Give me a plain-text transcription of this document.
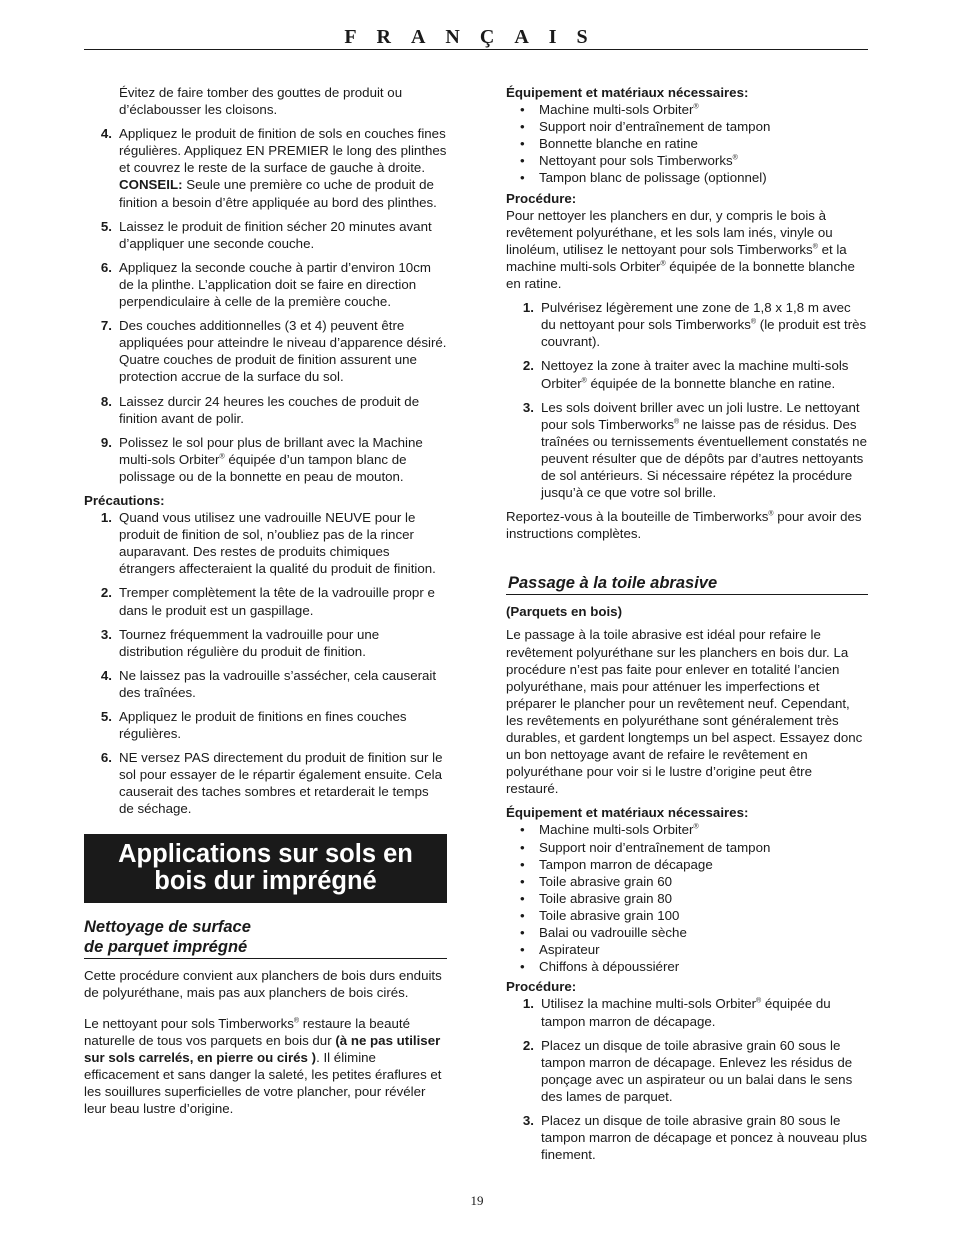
FRANÇAIS

Évitez de faire tomber des gouttes de produit ou d’éclabousser les cloisons.

4. Appliquez le produit de finition de sols en couches fines régulières. Appliquez EN PREMIER le long des plinthes et couvrez le reste de la surface de gauche à droite. CONSEIL: Seule une première co uche de produit de finition a besoin d’être appliquée au bord des plinthes.
5. Laissez le produit de finition sécher 20 minutes avant d’appliquer une seconde couche.
6. Appliquez la seconde couche à partir d’environ 10cm de la plinthe. L’application doit se faire en direction perpendiculaire à celle de la première couche.
7. Des couches additionnelles (3 et 4) peuvent être appliquées pour atteindre le niveau d’apparence désiré. Quatre couches de produit de finition assurent une protection accrue de la surface du sol.
8. Laissez durcir 24 heures les couches de produit de finition avant de polir.
9. Polissez le sol pour plus de brillant avec la Machine multi-sols Orbiter® équipée d’un tampon blanc de polissage ou de la bonnette en peau de mouton.

Précautions:

1. Quand vous utilisez une vadrouille NEUVE pour le produit de finition de sol, n’oubliez pas de la rincer auparavant. Des restes de produits chimiques étrangers affecteraient la qualité du produit de finition.
2. Tremper complètement la tête de la vadrouille propr e dans le produit est un gaspillage.
3. Tournez fréquemment la vadrouille pour une distribution régulière du produit de finition.
4. Ne laissez pas la vadrouille s’assécher, cela causerait des traînées.
5. Appliquez le produit de finitions en fines couches régulières.
6. NE versez PAS directement du produit de finition sur le sol pour essayer de le répartir également ensuite. Cela causerait des taches sombres et retarderait le temps de séchage.
Applications sur sols en
bois dur imprégné
Nettoyage de surface
de parquet imprégné

Cette procédure convient aux planchers de bois durs enduits de polyuréthane, mais pas aux planchers de bois cirés.

Le nettoyant pour sols Timberworks® restaure la beauté naturelle de tous vos parquets en bois dur (à ne pas utiliser sur sols carrelés, en pierre ou cirés ). Il élimine efficacement et sans danger la saleté, les petites éraflures et les souillures superficielles de votre plancher, pour révéler leur beau lustre d’origine.

Équipement et matériaux nécessaires:

• Machine multi-sols Orbiter®
• Support noir d’entraînement de tampon
• Bonnette blanche en ratine
• Nettoyant pour sols Timberworks®
• Tampon blanc de polissage (optionnel)

Procédure:

Pour nettoyer les planchers en dur, y compris le bois à revêtement polyuréthane, et les sols lam inés, vinyle ou linoléum, utilisez le nettoyant pour sols Timberworks® et la machine multi-sols Orbiter® équipée de la bonnette blanche en ratine.

1. Pulvérisez légèrement une zone de 1,8 x 1,8 m avec du nettoyant pour sols Timberworks® (le produit est très couvrant).
2. Nettoyez la zone à traiter avec la machine multi-sols Orbiter® équipée de la bonnette blanche en ratine.
3. Les sols doivent briller avec un joli lustre. Le nettoyant pour sols Timberworks® ne laisse pas de résidus. Des traînées ou ternissements éventuellement constatés ne peuvent résulter que de dépôts par d’autres nettoyants de sol antérieurs. Si nécessaire répétez la procédure jusqu’à ce que votre sol brille.

Reportez-vous à la bouteille de Timberworks® pour avoir des instructions complètes.

Passage à la toile abrasive

(Parquets en bois)

Le passage à la toile abrasive est idéal pour refaire le revêtement polyuréthane sur les planchers en bois dur. La procédure n’est pas faite pour enlever en totalité l’ancien polyuréthane, mais pour atténuer les imperfections et préparer le plancher pour un revêtement neuf. Cependant, les revêtements en polyuréthane sont généralement très durables, et gardent longtemps un bel aspect. Essayez donc un bon nettoyage avant de refaire le revêtement en polyuréthane pour voir si le lustre d’origine peut être restauré.

Équipement et matériaux nécessaires:

• Machine multi-sols Orbiter®
• Support noir d’entraînement de tampon
• Tampon marron de décapage
• Toile abrasive grain 60
• Toile abrasive grain 80
• Toile abrasive grain 100
• Balai ou vadrouille sèche
• Aspirateur
• Chiffons à dépoussiérer

Procédure:

1. Utilisez la machine multi-sols Orbiter® équipée du tampon marron de décapage.
2. Placez un disque de toile abrasive grain 60 sous le tampon marron de décapage. Enlevez les résidus de ponçage avec un aspirateur ou un balai dans le sens des lames de parquet.
3. Placez un disque de toile abrasive grain 80 sous le tampon marron de décapage et poncez à nouveau plus finement.
19
